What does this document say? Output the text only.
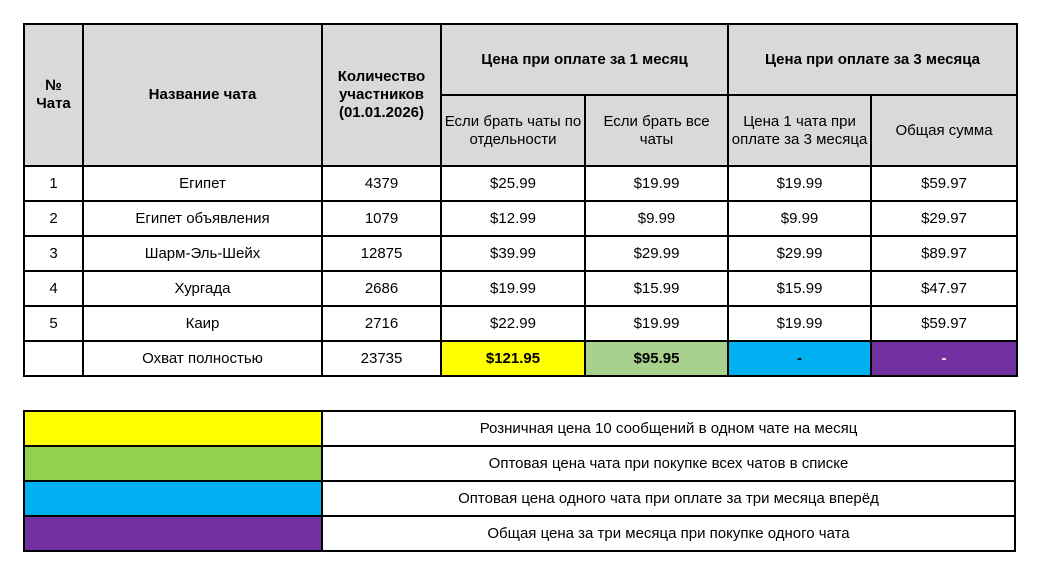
№ Чата	Название чата	Количество участников (01.01.2026)	Цена при оплате за 1 месяц		Цена при оплате за 3 месяца	
			Если брать чаты по отдельности	Если брать все чаты	Цена 1 чата при оплате за 3 месяца	Общая сумма
1	Египет	4379	$25.99	$19.99	$19.99	$59.97
2	Египет объявления	1079	$12.99	$9.99	$9.99	$29.97
3	Шарм-Эль-Шейх	12875	$39.99	$29.99	$29.99	$89.97
4	Хургада	2686	$19.99	$15.99	$15.99	$47.97
5	Каир	2716	$22.99	$19.99	$19.99	$59.97
	Охват полностью	23735	$121.95	$95.95	-	-
	Розничная цена 10 сообщений в одном чате на месяц
	Оптовая цена чата при покупке всех чатов в списке
	Оптовая цена одного чата при оплате за три месяца вперёд
	Общая цена за три месяца при покупке одного чата
